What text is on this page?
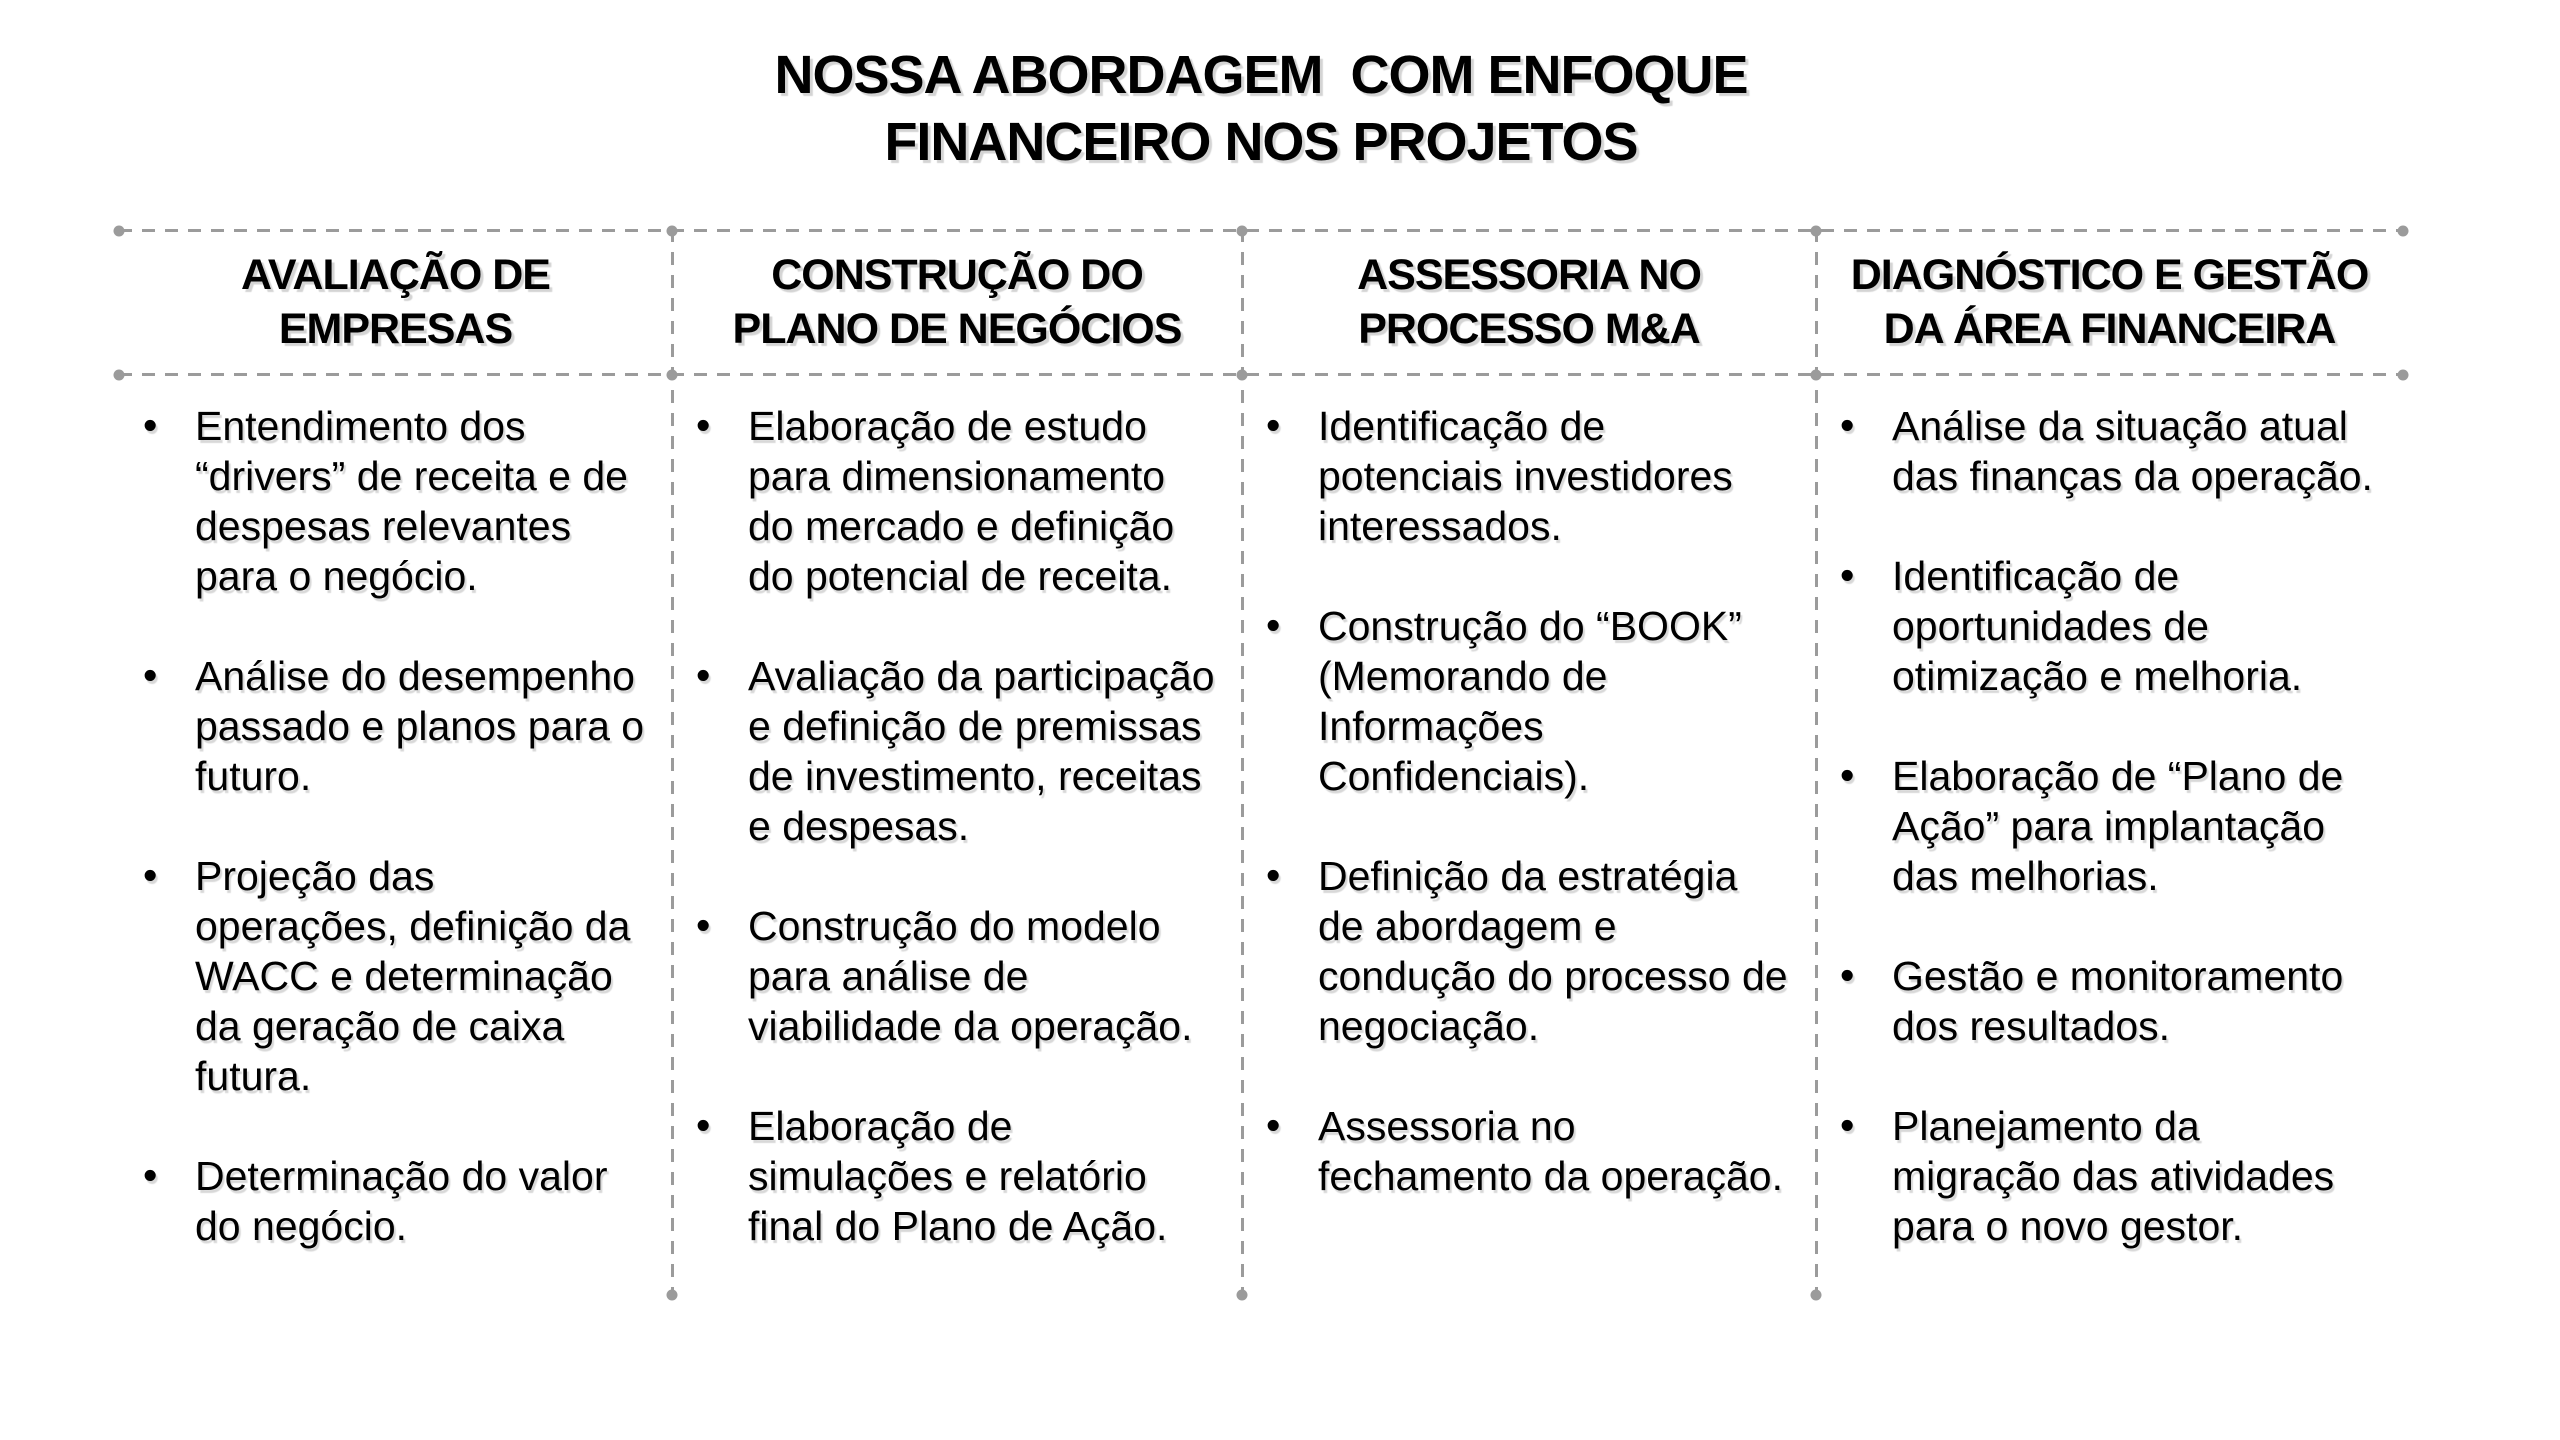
NOSSA ABORDAGEM  COM ENFOQUE
FINANCEIRO NOS PROJETOS
AVALIAÇÃO DE
EMPRESAS
CONSTRUÇÃO DO
PLANO DE NEGÓCIOS
ASSESSORIA NO
PROCESSO M&A
DIAGNÓSTICO E GESTÃO
DA ÁREA FINANCEIRA
• Entendimento dos “drivers” de receita e de despesas relevantes para o negócio.
• Análise do desempenho passado e planos para o futuro.
• Projeção das operações, definição da WACC e determinação da geração de caixa futura.
• Determinação do valor do negócio.
• Elaboração de estudo para dimensionamento do mercado e definição do potencial de receita.
• Avaliação da participação e definição de premissas de investimento, receitas e despesas.
• Construção do modelo para análise de viabilidade da operação.
• Elaboração de simulações e relatório final do Plano de Ação.
• Identificação de potenciais investidores interessados.
• Construção do “BOOK” (Memorando de Informações Confidenciais).
• Definição da estratégia de abordagem e condução do processo de negociação.
• Assessoria no fechamento da operação.
• Análise da situação atual das finanças da operação.
• Identificação de oportunidades de otimização e melhoria.
• Elaboração de “Plano de Ação” para implantação das melhorias.
• Gestão e monitoramento dos resultados.
• Planejamento da migração das atividades para o novo gestor.
